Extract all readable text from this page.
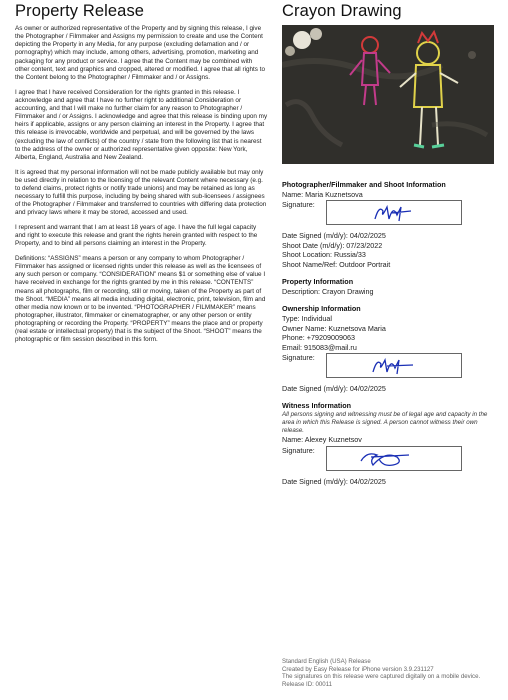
Property Release

As owner or authorized representative of the Property and by signing this release, I give the Photographer / Filmmaker and Assigns my permission to create and use the Content depicting the Property in any Media, for any purpose (excluding defamation and / or pornography) which may include, among others, advertising, promotion, marketing and packaging for any product or service. I agree that the Content may be combined with other content, text and graphics and cropped, altered or modified. I agree that all rights to the Content belong to the Photographer / Filmmaker and / or Assigns.

I agree that I have received Consideration for the rights granted in this release. I acknowledge and agree that I have no further right to additional Consideration or accounting, and that I will make no further claim for any reason to Photographer / Filmmaker and / or Assigns. I acknowledge and agree that this release is binding upon my heirs if applicable, assigns or any person claiming an interest in the Property. I agree that this release is irrevocable, worldwide and perpetual, and will be governed by the laws (excluding the law of conflicts) of the country / state from the following list that is nearest to the address of the owner or authorized representative given opposite: New York, Alberta, England, Australia and New Zealand.

It is agreed that my personal information will not be made publicly available but may only be used directly in relation to the licensing of the relevant Content where necessary (e.g. to defend claims, protect rights or notify trade unions) and may be retained as long as necessary to fulfill this purpose, including by being shared with sub-licensees / assignees of the Photographer / Filmmaker and transferred to countries with differing data protection and privacy laws where it may be stored, accessed and used.

I represent and warrant that I am at least 18 years of age. I have the full legal capacity and right to execute this release and grant the rights herein granted with respect to the Property, and to bind all persons claiming an interest in the Property.

Definitions: “ASSIGNS” means a person or any company to whom Photographer / Filmmaker has assigned or licensed rights under this release as well as the licensees of any such person or company. “CONSIDERATION” means $1 or something else of value I have received in exchange for the rights granted by me in this release. “CONTENTS” means all photographs, film or recording, still or moving, taken of the Property as part of the Shoot. “MEDIA” means all media including digital, electronic, print, television, film and other media now known or to be invented. “PHOTOGRAPHER / FILMMAKER” means photographer, illustrator, filmmaker or cinematographer, or any other person or entity photographing or recording the Property. “PROPERTY” means the place and or property (real estate or intellectual property) that is the subject of the Shoot. “SHOOT” means the photographic or film session described in this form.

Crayon Drawing
Photographer/Filmmaker and Shoot Information
Name: Maria Kuznetsova
Signature:
Date Signed (m/d/y): 04/02/2025
Shoot Date (m/d/y): 07/23/2022
Shoot Location: Russia/33
Shoot Name/Ref: Outdoor Portrait
Property Information
Description: Crayon Drawing
Ownership Information
Type: Individual
Owner Name: Kuznetsova Maria
Phone: +79209009063
Email: 915083@mail.ru
Signature:
Date Signed (m/d/y): 04/02/2025
Witness Information
All persons signing and witnessing must be of legal age and capacity in the area in which this Release is signed. A person cannot witness their own release.
Name: Alexey Kuznetsov
Signature:
Date Signed (m/d/y): 04/02/2025
Standard English (USA) Release
Created by Easy Release for iPhone version 3.9.231127
The signatures on this release were captured digitally on a mobile device.
Release ID: 00011
